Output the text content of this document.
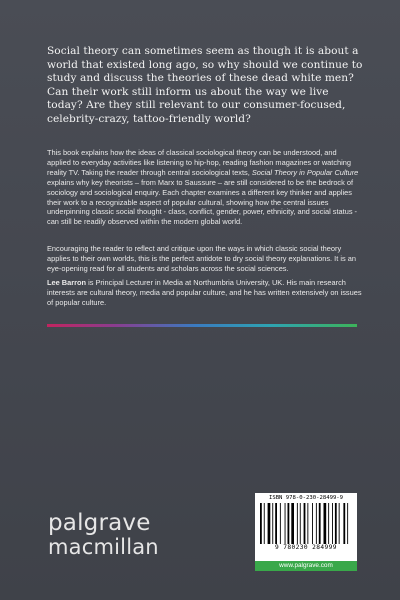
Social theory can sometimes seem as though it is about a world that existed long ago, so why should we continue to study and discuss the theories of these dead white men? Can their work still inform us about the way we live today? Are they still relevant to our consumer-focused, celebrity-crazy, tattoo-friendly world?

This book explains how the ideas of classical sociological theory can be understood, and applied to everyday activities like listening to hip-hop, reading fashion magazines or watching reality TV. Taking the reader through central sociological texts, Social Theory in Popular Culture explains why key theorists – from Marx to Saussure – are still considered to be the bedrock of sociology and sociological enquiry. Each chapter examines a different key thinker and applies their work to a recognizable aspect of popular cultural, showing how the central issues underpinning classic social thought - class, conflict, gender, power, ethnicity, and social status - can still be readily observed within the modern global world.

Encouraging the reader to reflect and critique upon the ways in which classic social theory applies to their own worlds, this is the perfect antidote to dry social theory explanations. It is an eye-opening read for all students and scholars across the social sciences.

Lee Barron is Principal Lecturer in Media at Northumbria University, UK. His main research interests are cultural theory, media and popular culture, and he has written extensively on issues of popular culture.

palgrave
macmillan
ISBN 978-0-230-28499-9
9 780230 284999
www.palgrave.com
